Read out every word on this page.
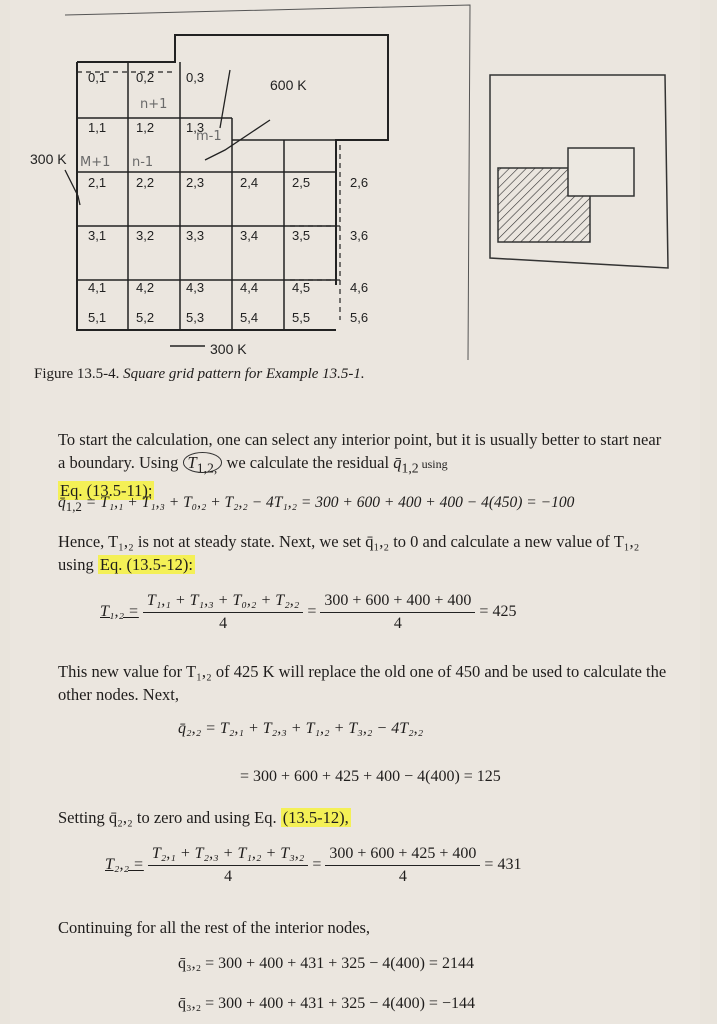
0,1 0,2 0,3
1,1 1,2 1,3
2,1 2,2 2,3	2,4	2,5	2,6
3,1 3,2 3,3	3,4	3,5	3,6
4,1 4,2 4,3	4,4	4,5	4,6
5,1 5,2 5,3	5,4	5,5	5,6
600 K
300 K
300 K
n+1
M+1 n-1
m-1
Figure 13.5-4. Square grid pattern for Example 13.5-1.
To start the calculation, one can select any interior point, but it is usually better to start near a boundary. Using $T_{1,2,}$ we calculate the residual $q̄_{1,2}$ using
Eq. (13.5-11):
$q̄_{1,2} = T_1,_1 + T_1,_3 + T_0,_2 + T_2,_2 - 4T_1,_2 = 300 + 600 + 400 + 400 - 4(450) = -100$
Hence, T₁,₂ is not at steady state. Next, we set q̄₁,₂ to 0 and calculate a new value of T₁,₂ using Eq. (13.5-12):
$T_1,_2 = \frac{\text{T₁,₁ + T₁,₃ + T₀,₂ + T₂,₂}}{4} = \frac{300 + 600 + 400 + 400}{4} = 425$
This new value for T₁,₂ of 425 K will replace the old one of 450 and be used to calculate the other nodes. Next,
q̄₂,₂ = T₂,₁ + T₂,₃ + T₁,₂ + T₃,₂ − 4T₂,₂
= 300 + 600 + 425 + 400 − 4(400) = 125
Setting q̄₂,₂ to zero and using Eq. (13.5-12),
$T_2,_2 = \frac{\text{T₂,₁ + T₂,₃ + T₁,₂ + T₃,₂}}{4} = \frac{300 + 600 + 425 + 400}{4} = 431$
Continuing for all the rest of the interior nodes,
q̄₃,₂ = 300 + 400 + 431 + 325 − 4(400) = 2144
q̄₃,₂ = 300 + 400 + 431 + 325 − 4(400) = −144
